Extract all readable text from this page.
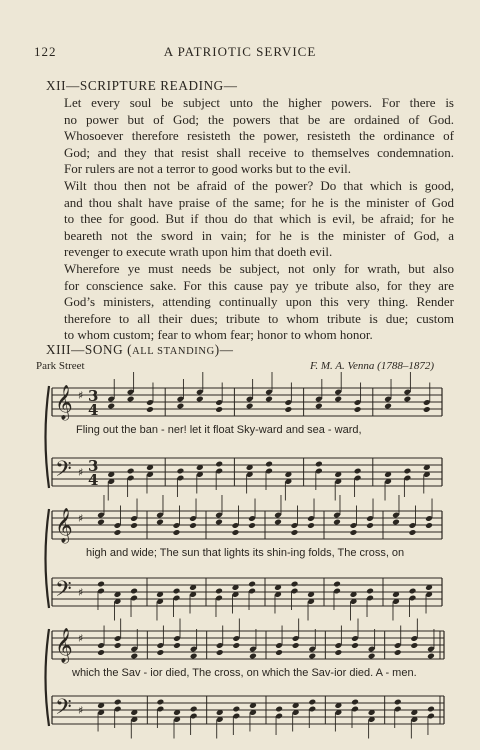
122	A PATRIOTIC SERVICE
XII—SCRIPTURE READING—
Let every soul be subject unto the higher powers. For there is
no power but of God; the powers that be are ordained of God.
Whosoever therefore resisteth the power, resisteth the ordinance of
God; and they that resist shall receive to themselves condemnation.
For rulers are not a terror to good works but to the evil.
Wilt thou then not be afraid of the power? Do that which is good,
and thou shalt have praise of the same; for he is the minister of God
to thee for good. But if thou do that which is evil, be afraid; for he
beareth not the sword in vain; for he is the minister of God, a
revenger to execute wrath upon him that doeth evil.
Wherefore ye must needs be subject, not only for wrath, but also
for conscience sake. For this cause pay ye tribute also, for they are
God’s ministers, attending continually upon this very thing. Render
therefore to all their dues; tribute to whom tribute is due; custom
to whom custom; fear to whom fear; honor to whom honor.
XIII—SONG (ALL STANDING)—
Park Street	F. M. A. Venna (1788–1872)
𝄞
𝄢
♯
♯
3
4
3
4
𝄞
𝄢
♯
♯
𝄞
𝄢
♯
♯
Fling out the ban - ner! let it float Sky-ward and sea - ward,
high and wide; The sun that lights its shin-ing folds, The cross, on
which the Sav - ior died, The cross, on which the Sav-ior died. A - men.
